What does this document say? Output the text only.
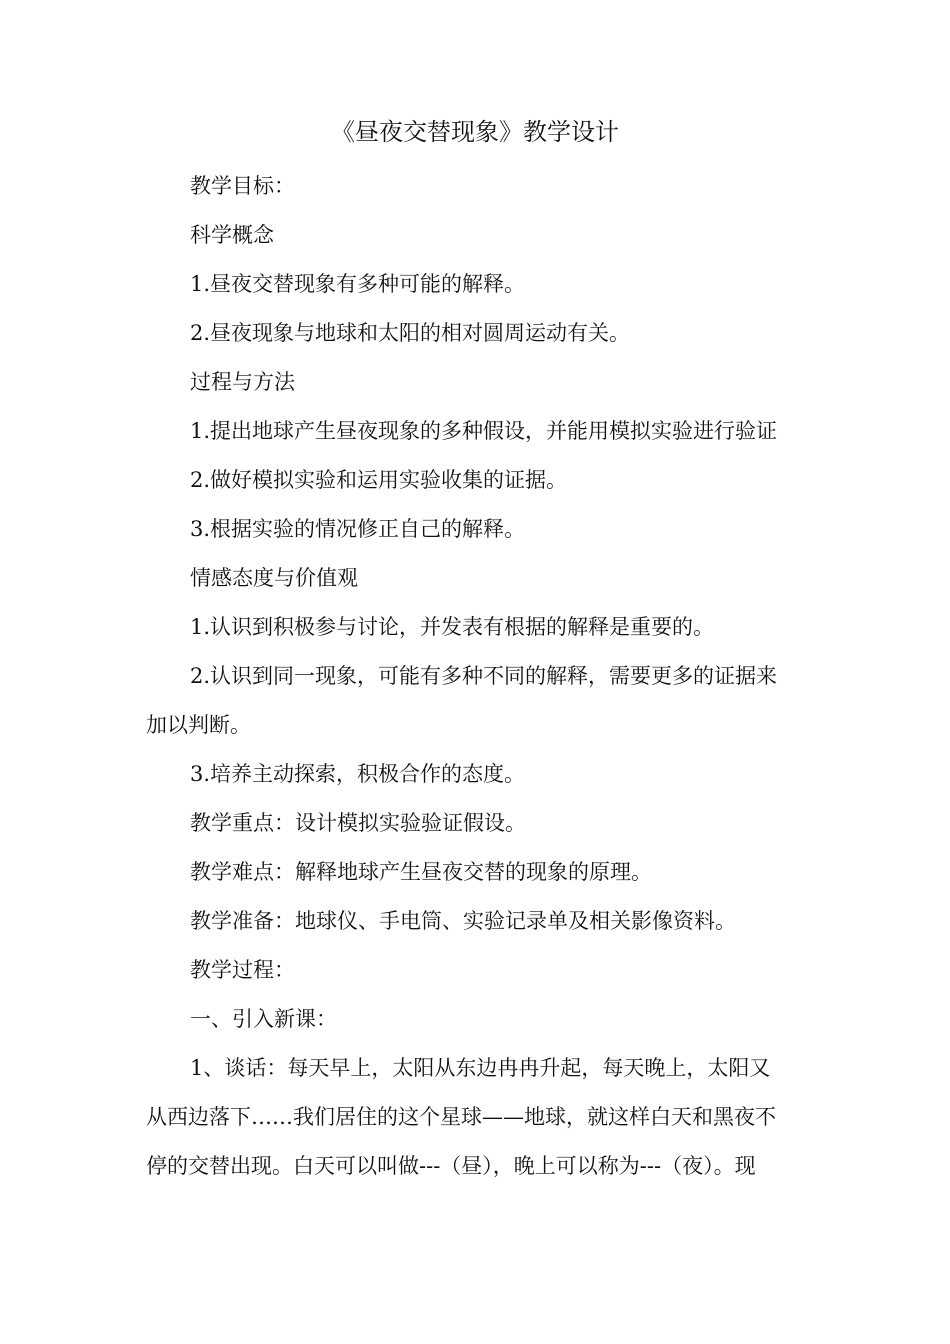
《昼夜交替现象》教学设计
教学目标：
科学概念
1.昼夜交替现象有多种可能的解释。
2.昼夜现象与地球和太阳的相对圆周运动有关。
过程与方法
1.提出地球产生昼夜现象的多种假设，并能用模拟实验进行验证
2.做好模拟实验和运用实验收集的证据。
3.根据实验的情况修正自己的解释。
情感态度与价值观
1.认识到积极参与讨论，并发表有根据的解释是重要的。
2.认识到同一现象，可能有多种不同的解释，需要更多的证据来
加以判断。
3.培养主动探索，积极合作的态度。
教学重点：设计模拟实验验证假设。
教学难点：解释地球产生昼夜交替的现象的原理。
教学准备：地球仪、手电筒、实验记录单及相关影像资料。
教学过程：
一、引入新课：
1、谈话：每天早上，太阳从东边冉冉升起，每天晚上，太阳又
从西边落下……我们居住的这个星球——地球，就这样白天和黑夜不
停的交替出现。白天可以叫做---（昼），晚上可以称为---（夜）。现
